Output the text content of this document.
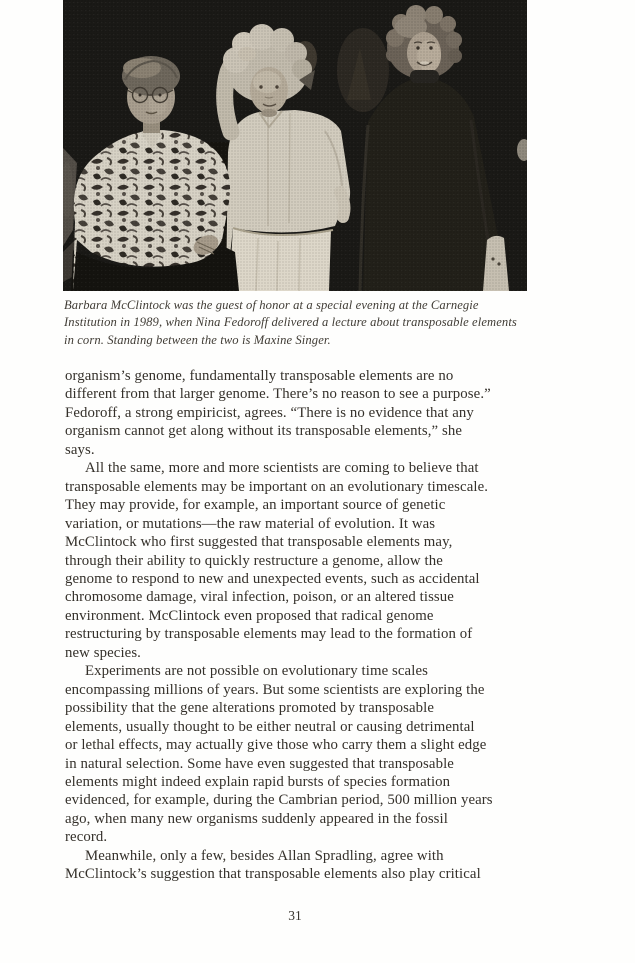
Barbara McClintock was the guest of honor at a special evening at the Carnegie
Institution in 1989, when Nina Fedoroff delivered a lecture about transposable elements
in corn. Standing between the two is Maxine Singer.
organism’s genome, fundamentally transposable elements are no
different from that larger genome. There’s no reason to see a purpose.”
Fedoroff, a strong empiricist, agrees. “There is no evidence that any
organism cannot get along without its transposable elements,” she
says.
All the same, more and more scientists are coming to believe that
transposable elements may be important on an evolutionary timescale.
They may provide, for example, an important source of genetic
variation, or mutations—the raw material of evolution. It was
McClintock who first suggested that transposable elements may,
through their ability to quickly restructure a genome, allow the
genome to respond to new and unexpected events, such as accidental
chromosome damage, viral infection, poison, or an altered tissue
environment. McClintock even proposed that radical genome
restructuring by transposable elements may lead to the formation of
new species.
Experiments are not possible on evolutionary time scales
encompassing millions of years. But some scientists are exploring the
possibility that the gene alterations promoted by transposable
elements, usually thought to be either neutral or causing detrimental
or lethal effects, may actually give those who carry them a slight edge
in natural selection. Some have even suggested that transposable
elements might indeed explain rapid bursts of species formation
evidenced, for example, during the Cambrian period, 500 million years
ago, when many new organisms suddenly appeared in the fossil
record.
Meanwhile, only a few, besides Allan Spradling, agree with
McClintock’s suggestion that transposable elements also play critical
31
